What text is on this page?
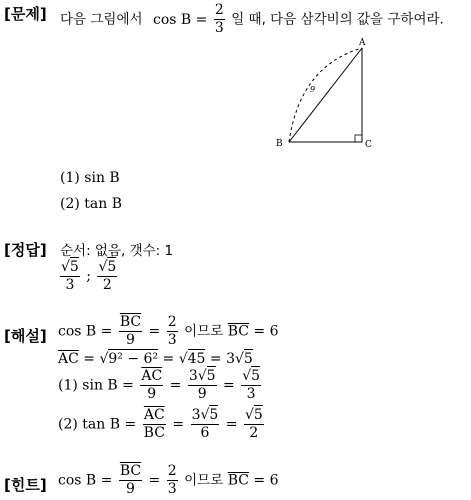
[문제] 다음 그림에서 $\cos B = \frac{2}{3}$ 일 때, 다음 삼각비의 값을 구하여라.
A
B	C
9
(1) sin B
(2) tan B
[정답] 순서: 없음, 갯수: 1
$\frac{√5}{3}$ ; $\frac{√5}{2}$
[해설] $\cos B = \frac{\overline{BC}}{9} = \frac{2}{3}$ 이므로 $\overline{BC} = 6$
$\overline{AC} = √9^2 - 6^2 = √45 = 3√5$
(1) $\sin B = \frac{\overline{AC}}{9} = \frac{3√5}{9} = \frac{√5}{3}$
(2) $\tan B = \frac{\overline{AC}}{BC} = \frac{3√5}{6} = \frac{√5}{2}$
[힌트] $\cos B = \frac{\overline{BC}}{9} = \frac{2}{3}$ 이므로 $\overline{BC} = 6$
